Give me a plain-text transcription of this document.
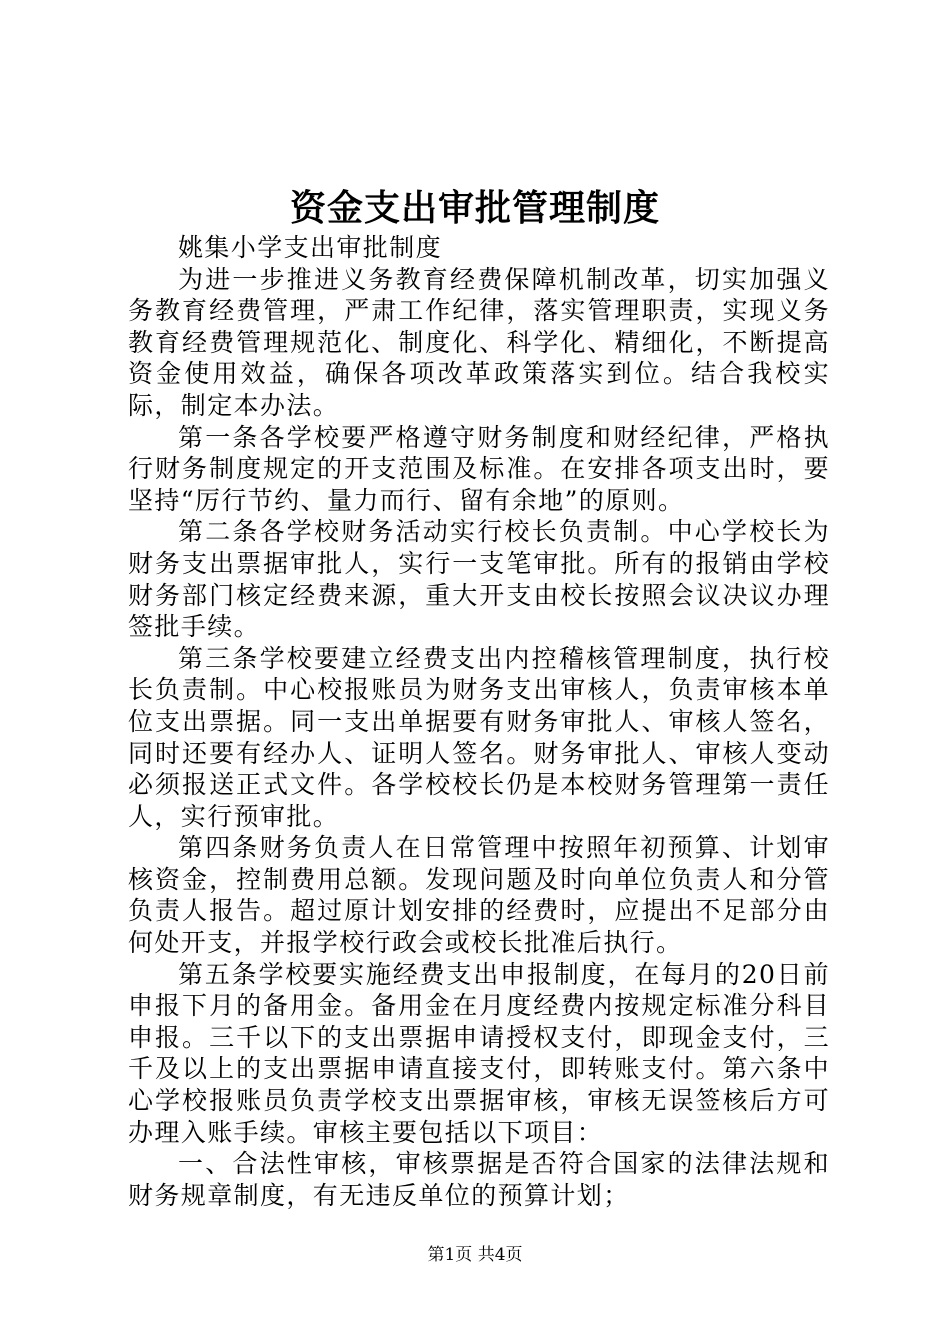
资金支出审批管理制度

姚集小学支出审批制度

为进一步推进义务教育经费保障机制改革，切实加强义务教育经费管理，严肃工作纪律，落实管理职责，实现义务教育经费管理规范化、制度化、科学化、精细化，不断提高资金使用效益，确保各项改革政策落实到位。结合我校实际，制定本办法。

第一条各学校要严格遵守财务制度和财经纪律，严格执行财务制度规定的开支范围及标准。在安排各项支出时，要坚持“厉行节约、量力而行、留有余地”的原则。

第二条各学校财务活动实行校长负责制。中心学校长为财务支出票据审批人，实行一支笔审批。所有的报销由学校财务部门核定经费来源，重大开支由校长按照会议决议办理签批手续。

第三条学校要建立经费支出内控稽核管理制度，执行校长负责制。中心校报账员为财务支出审核人，负责审核本单位支出票据。同一支出单据要有财务审批人、审核人签名，同时还要有经办人、证明人签名。财务审批人、审核人变动必须报送正式文件。各学校校长仍是本校财务管理第一责任人，实行预审批。

第四条财务负责人在日常管理中按照年初预算、计划审核资金，控制费用总额。发现问题及时向单位负责人和分管负责人报告。超过原计划安排的经费时，应提出不足部分由何处开支，并报学校行政会或校长批准后执行。

第五条学校要实施经费支出申报制度，在每月的20日前申报下月的备用金。备用金在月度经费内按规定标准分科目申报。三千以下的支出票据申请授权支付，即现金支付，三千及以上的支出票据申请直接支付，即转账支付。第六条中心学校报账员负责学校支出票据审核，审核无误签核后方可办理入账手续。审核主要包括以下项目：

一、合法性审核，审核票据是否符合国家的法律法规和财务规章制度，有无违反单位的预算计划；

第1页 共4页
